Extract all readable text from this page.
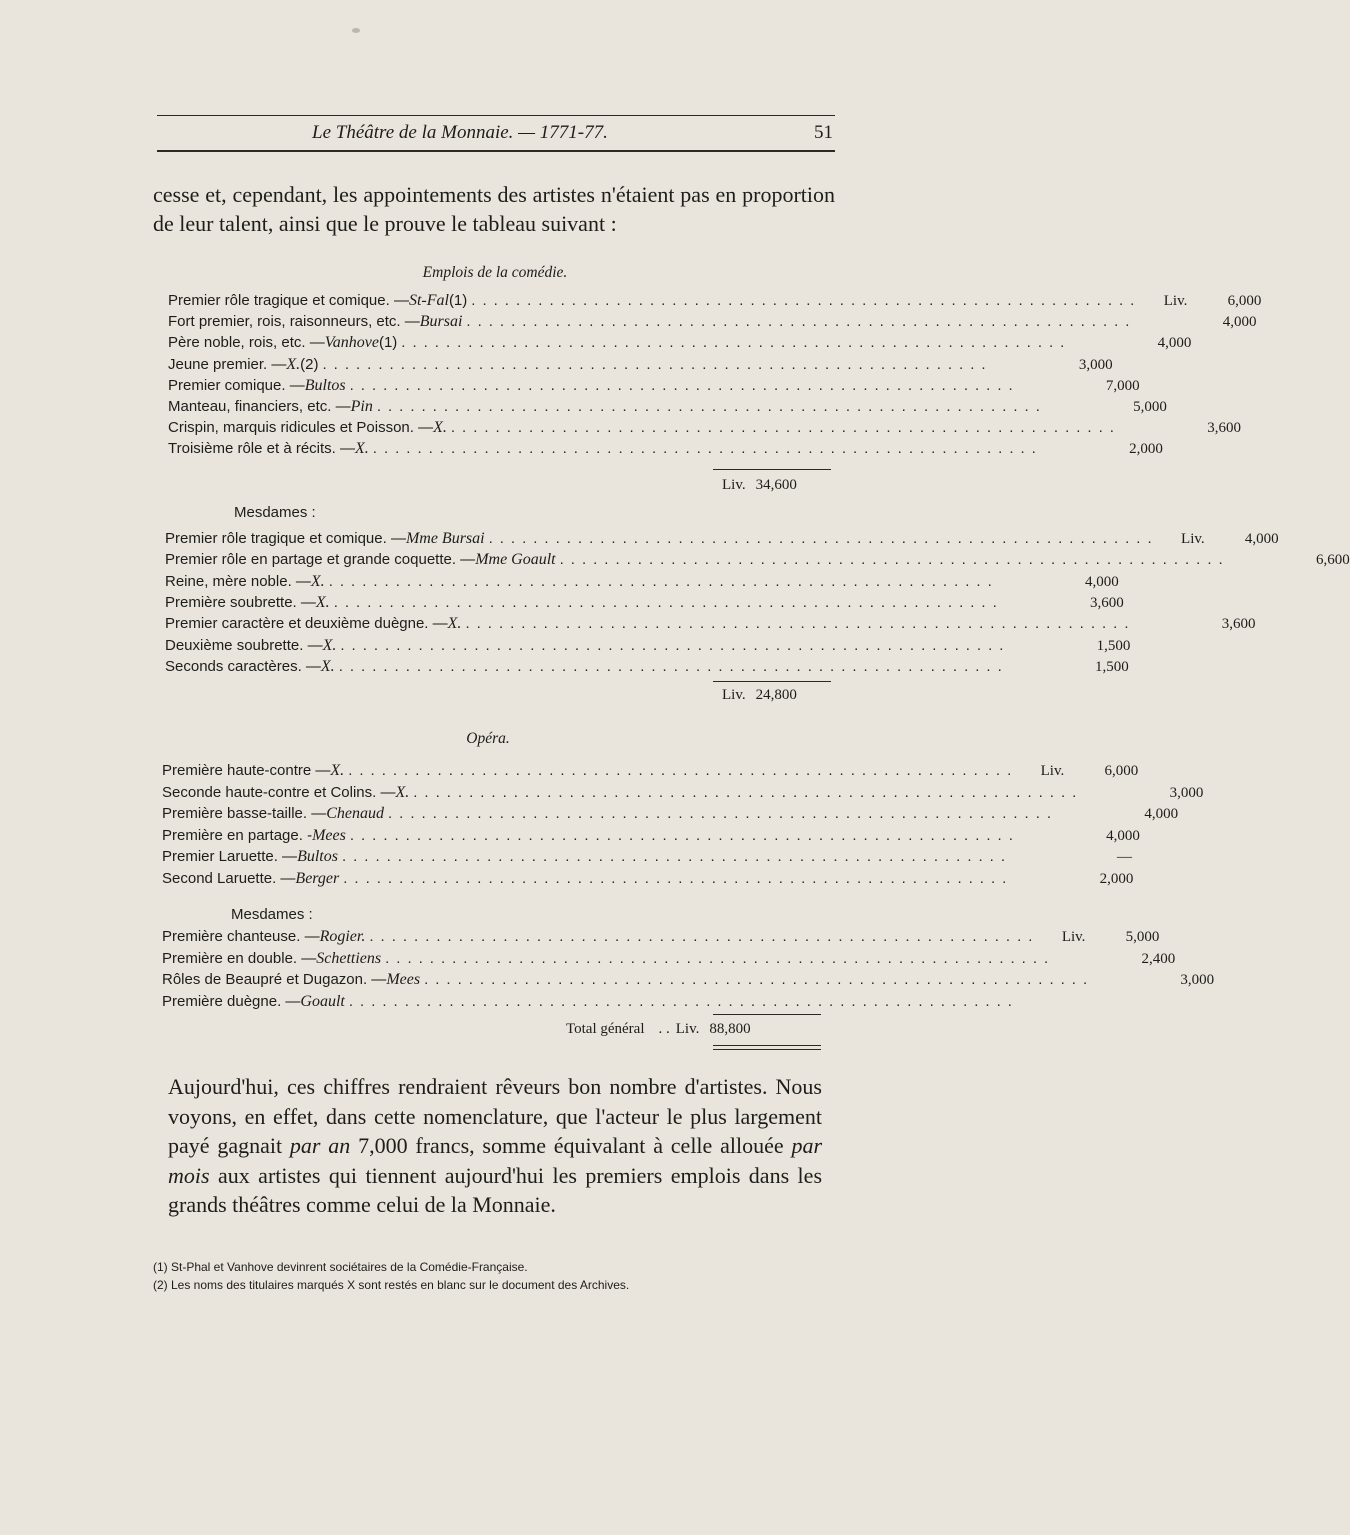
Le Théâtre de la Monnaie. — 1771-77.	51

cesse et, cependant, les appointements des artistes n'étaient pas en proportion de leur talent, ainsi que le prouve le tableau suivant :

Emplois de la comédie.
Premier rôle tragique et comique. — St-Fal (1) ............................................................	Liv.	6,000
Fort premier, rois, raisonneurs, etc. — Bursai ............................................................	4,000
Père noble, rois, etc. — Vanhove (1) ............................................................	4,000
Jeune premier. — X. (2) ............................................................	3,000
Premier comique. — Bultos ............................................................	7,000
Manteau, financiers, etc. — Pin ............................................................	5,000
Crispin, marquis ridicules et Poisson. — X. ............................................................	3,600
Troisième rôle et à récits. — X. ............................................................	2,000
Liv. 34,600
Mesdames :
Premier rôle tragique et comique. — Mme Bursai ............................................................	Liv.	4,000
Premier rôle en partage et grande coquette. — Mme Goault ............................................................	6,600
Reine, mère noble. — X. ............................................................	4,000
Première soubrette. — X. ............................................................	3,600
Premier caractère et deuxième duègne. — X. ............................................................	3,600
Deuxième soubrette. — X. ............................................................	1,500
Seconds caractères. — X. ............................................................	1,500
Liv. 24,800
Opéra.
Première haute-contre — X. ............................................................	Liv.	6,000
Seconde haute-contre et Colins. — X. ............................................................	3,000
Première basse-taille. — Chenaud ............................................................	4,000
Première en partage. - Mees ............................................................	4,000
Premier Laruette. — Bultos ............................................................	—
Second Laruette. — Berger ............................................................	2,000
Mesdames :
Première chanteuse. — Rogier. ............................................................	Liv.	5,000
Première en double. — Schettiens ............................................................	2,400
Rôles de Beaupré et Dugazon. — Mees ............................................................	3,000
Première duègne. — Goault ............................................................
Total général . . Liv. 88,800

Aujourd'hui, ces chiffres rendraient rêveurs bon nombre d'artistes. Nous voyons, en effet, dans cette nomenclature, que l'acteur le plus largement payé gagnait par an 7,000 francs, somme équivalant à celle allouée par mois aux artistes qui tiennent aujourd'hui les premiers emplois dans les grands théâtres comme celui de la Monnaie.

(1) St-Phal et Vanhove devinrent sociétaires de la Comédie-Française.
(2) Les noms des titulaires marqués X sont restés en blanc sur le document des Archives.
